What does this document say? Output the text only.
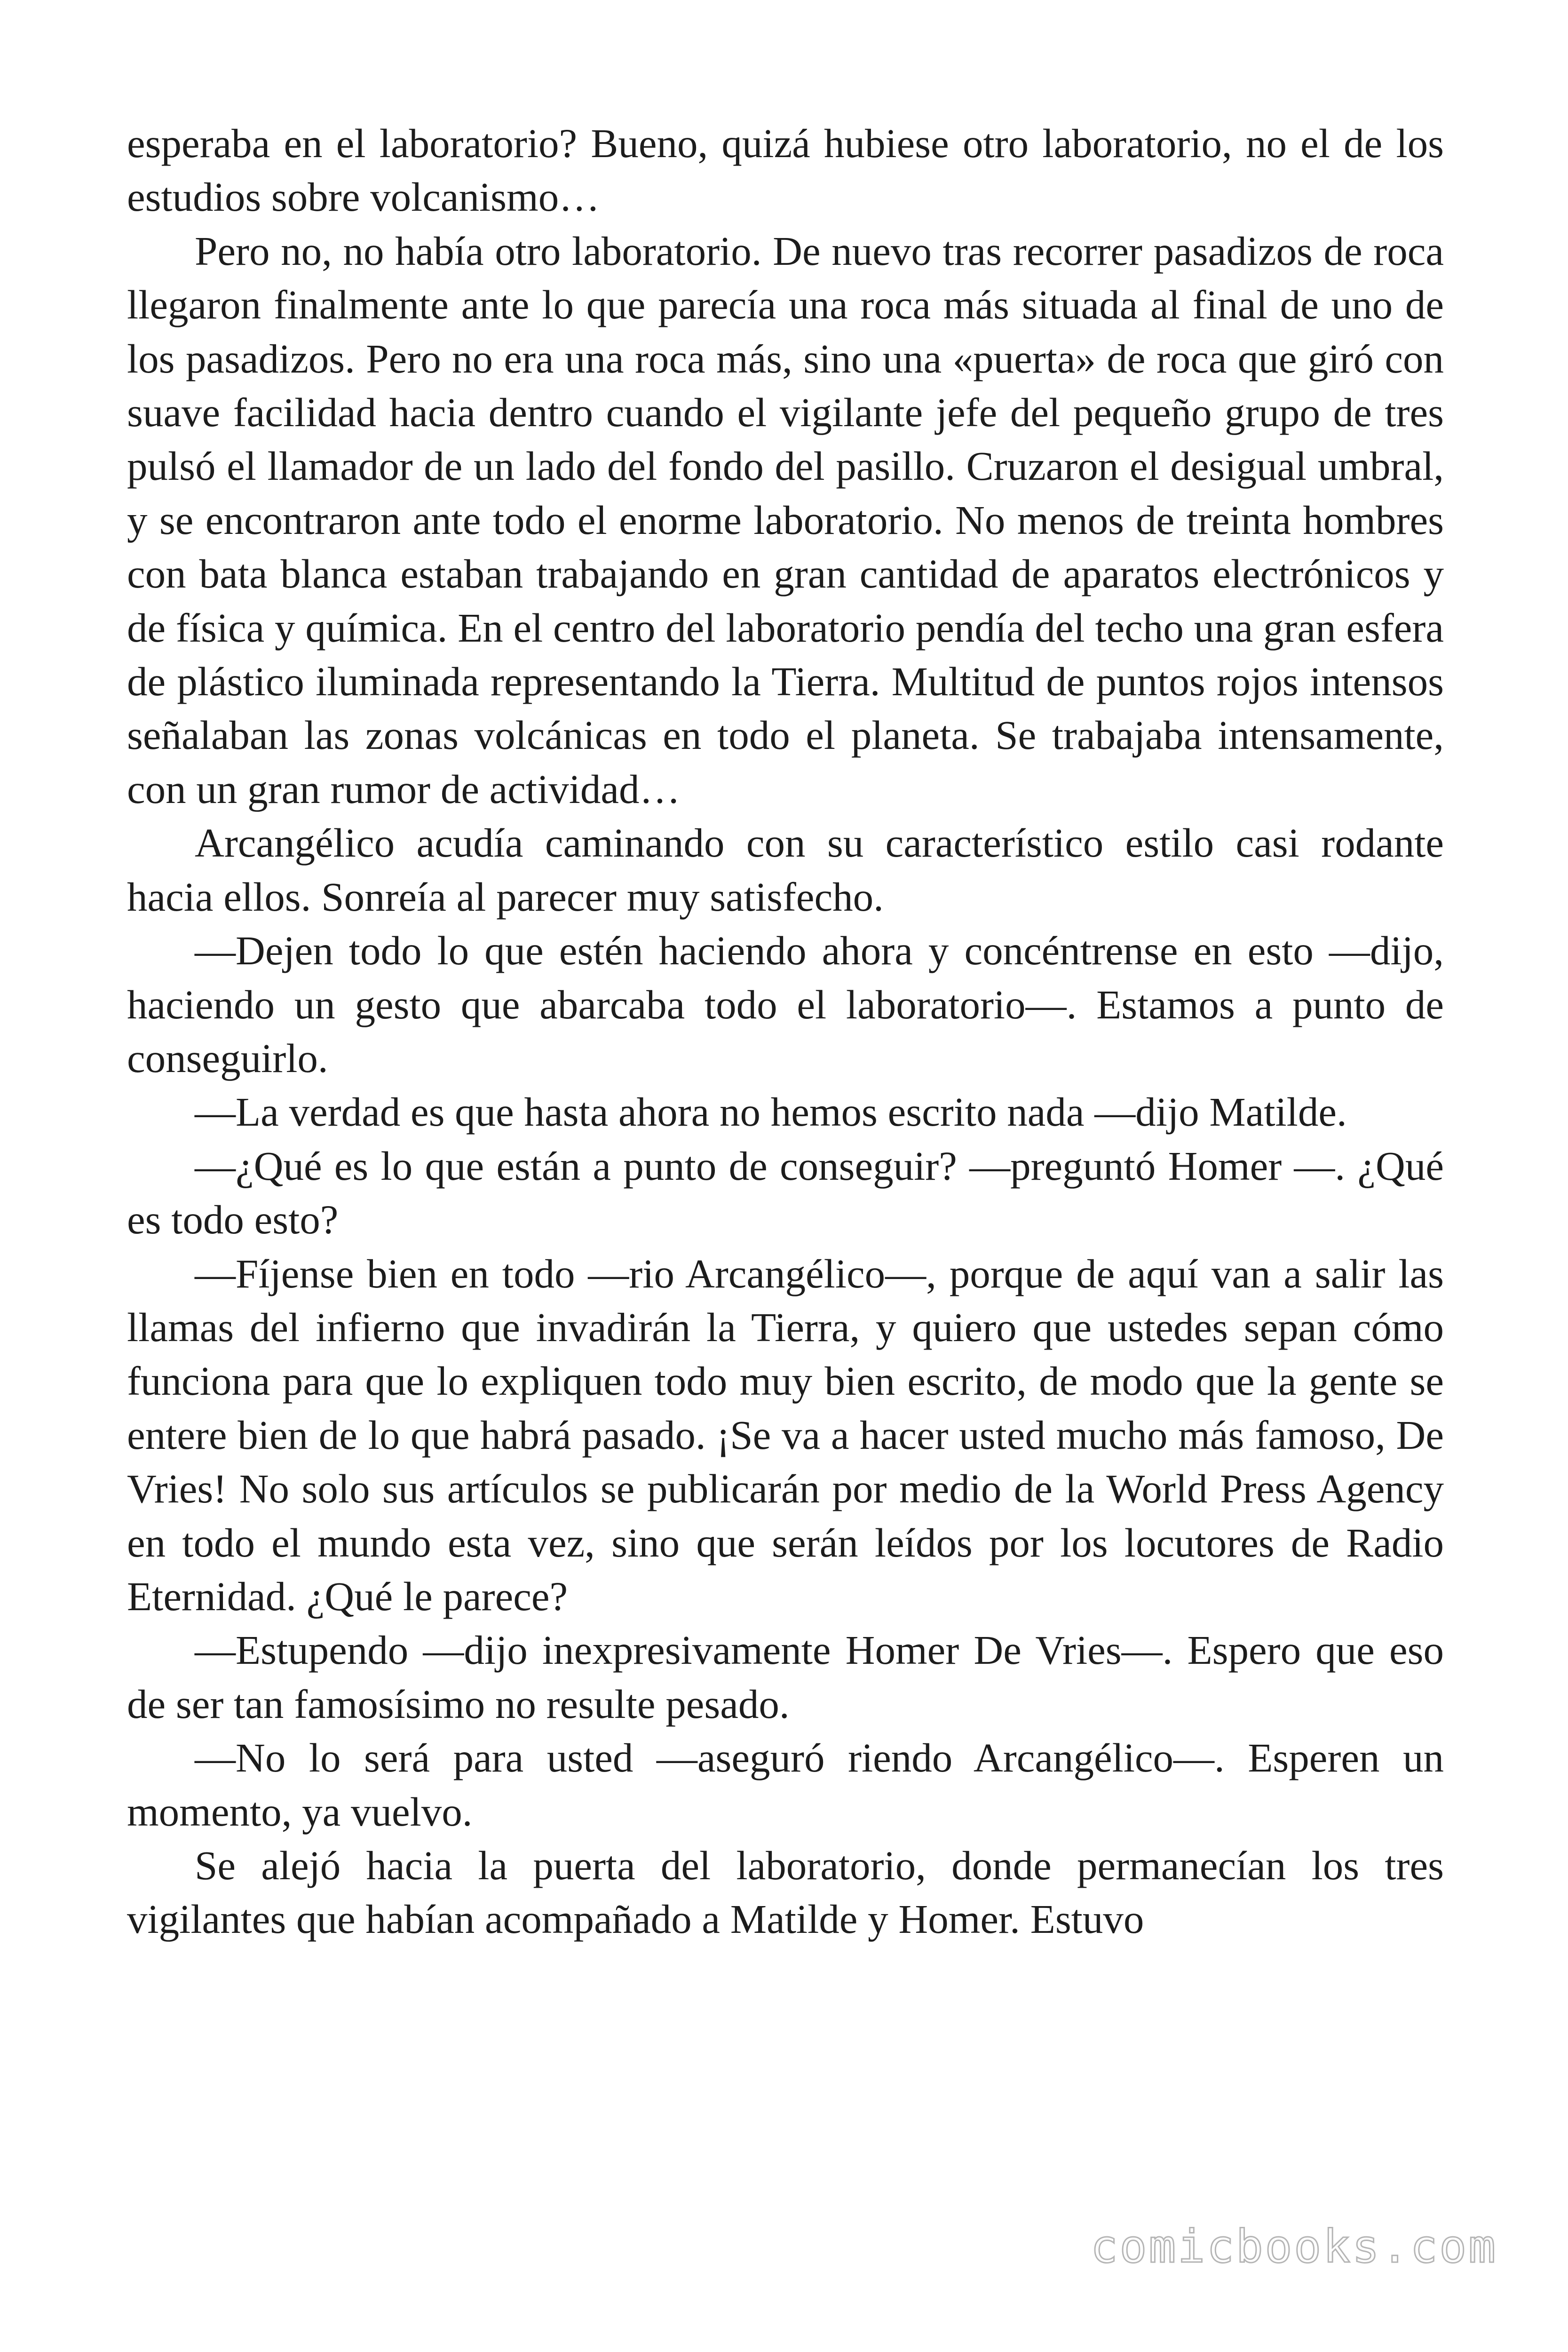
esperaba en el laboratorio? Bueno, quizá hubiese otro laboratorio, no el de los estudios sobre volcanismo…

Pero no, no había otro laboratorio. De nuevo tras recorrer pasadizos de roca llegaron finalmente ante lo que parecía una roca más situada al final de uno de los pasadizos. Pero no era una roca más, sino una «puerta» de roca que giró con suave facilidad hacia dentro cuando el vigilante jefe del pequeño grupo de tres pulsó el llamador de un lado del fondo del pasillo. Cruzaron el desigual umbral, y se encontraron ante todo el enorme laboratorio. No menos de treinta hombres con bata blanca estaban trabajando en gran cantidad de aparatos electrónicos y de física y química. En el centro del laboratorio pendía del techo una gran esfera de plástico iluminada representando la Tierra. Multitud de puntos rojos intensos señalaban las zonas volcánicas en todo el planeta. Se trabajaba intensamente, con un gran rumor de actividad…

Arcangélico acudía caminando con su característico estilo casi rodante hacia ellos. Sonreía al parecer muy satisfecho.

—Dejen todo lo que estén haciendo ahora y concéntrense en esto —dijo, haciendo un gesto que abarcaba todo el laboratorio—. Estamos a punto de conseguirlo.

—La verdad es que hasta ahora no hemos escrito nada —dijo Matilde.

—¿Qué es lo que están a punto de conseguir? —preguntó Homer —. ¿Qué es todo esto?

—Fíjense bien en todo —rio Arcangélico—, porque de aquí van a salir las llamas del infierno que invadirán la Tierra, y quiero que ustedes sepan cómo funciona para que lo expliquen todo muy bien escrito, de modo que la gente se entere bien de lo que habrá pasado. ¡Se va a hacer usted mucho más famoso, De Vries! No solo sus artículos se publicarán por medio de la World Press Agency en todo el mundo esta vez, sino que serán leídos por los locutores de Radio Eternidad. ¿Qué le parece?

—Estupendo —dijo inexpresivamente Homer De Vries—. Espero que eso de ser tan famosísimo no resulte pesado.

—No lo será para usted —aseguró riendo Arcangélico—. Esperen un momento, ya vuelvo.

Se alejó hacia la puerta del laboratorio, donde permanecían los tres vigilantes que habían acompañado a Matilde y Homer. Estuvo

comicbooks.com
